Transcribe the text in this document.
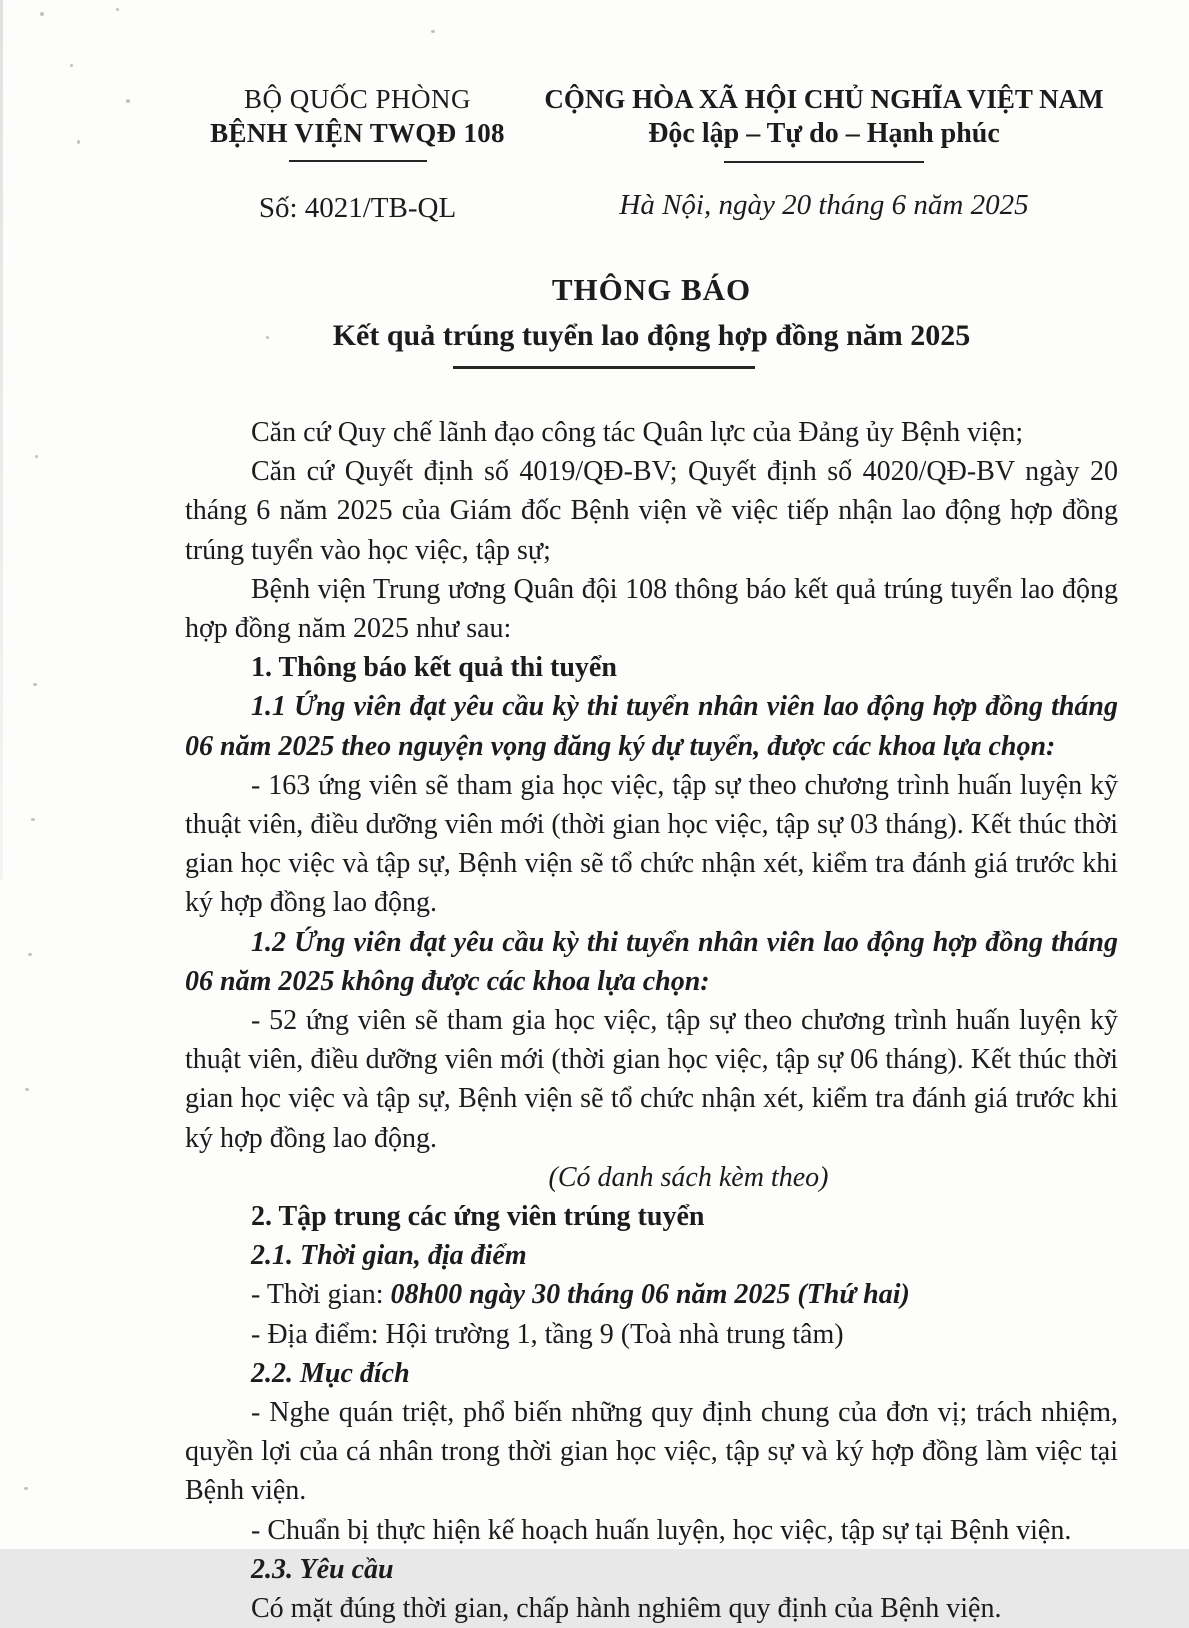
BỘ QUỐC PHÒNG
BỆNH VIỆN TWQĐ 108
Số: 4021/TB-QL
CỘNG HÒA XÃ HỘI CHỦ NGHĨA VIỆT NAM
Độc lập – Tự do – Hạnh phúc
Hà Nội, ngày 20 tháng 6 năm 2025
THÔNG BÁO
Kết quả trúng tuyển lao động hợp đồng năm 2025

Căn cứ Quy chế lãnh đạo công tác Quân lực của Đảng ủy Bệnh viện;

Căn cứ Quyết định số 4019/QĐ-BV; Quyết định số 4020/QĐ-BV ngày 20 tháng 6 năm 2025 của Giám đốc Bệnh viện về việc tiếp nhận lao động hợp đồng trúng tuyển vào học việc, tập sự;

Bệnh viện Trung ương Quân đội 108 thông báo kết quả trúng tuyển lao động hợp đồng năm 2025 như sau:

1. Thông báo kết quả thi tuyển

1.1 Ứng viên đạt yêu cầu kỳ thi tuyển nhân viên lao động hợp đồng tháng 06 năm 2025 theo nguyện vọng đăng ký dự tuyển, được các khoa lựa chọn:

- 163 ứng viên sẽ tham gia học việc, tập sự theo chương trình huấn luyện kỹ thuật viên, điều dưỡng viên mới (thời gian học việc, tập sự 03 tháng). Kết thúc thời gian học việc và tập sự, Bệnh viện sẽ tổ chức nhận xét, kiểm tra đánh giá trước khi ký hợp đồng lao động.

1.2 Ứng viên đạt yêu cầu kỳ thi tuyển nhân viên lao động hợp đồng tháng 06 năm 2025 không được các khoa lựa chọn:

- 52 ứng viên sẽ tham gia học việc, tập sự theo chương trình huấn luyện kỹ thuật viên, điều dưỡng viên mới (thời gian học việc, tập sự 06 tháng). Kết thúc thời gian học việc và tập sự, Bệnh viện sẽ tổ chức nhận xét, kiểm tra đánh giá trước khi ký hợp đồng lao động.

(Có danh sách kèm theo)

2. Tập trung các ứng viên trúng tuyển

2.1. Thời gian, địa điểm

- Thời gian: 08h00 ngày 30 tháng 06 năm 2025 (Thứ hai)

- Địa điểm: Hội trường 1, tầng 9 (Toà nhà trung tâm)

2.2. Mục đích

- Nghe quán triệt, phổ biến những quy định chung của đơn vị; trách nhiệm, quyền lợi của cá nhân trong thời gian học việc, tập sự và ký hợp đồng làm việc tại Bệnh viện.

- Chuẩn bị thực hiện kế hoạch huấn luyện, học việc, tập sự tại Bệnh viện.

2.3. Yêu cầu

Có mặt đúng thời gian, chấp hành nghiêm quy định của Bệnh viện.
